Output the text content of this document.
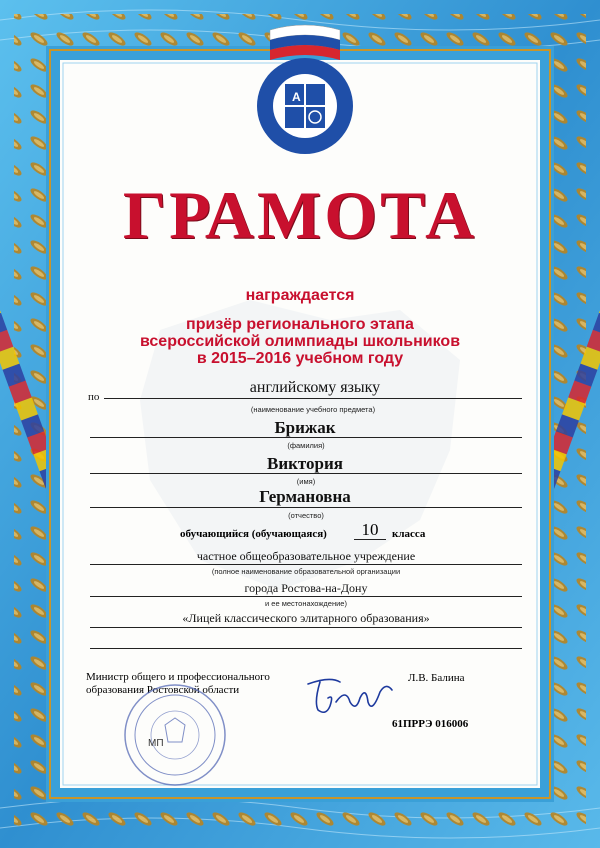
A
ГРАМОТА
награждается
призёр регионального этапа
всероссийской олимпиады школьников
в 2015–2016 учебном году
по
английскому языку
(наименование учебного предмета)
Брижак
(фамилия)
Виктория
(имя)
Германовна
(отчество)
обучающийся (обучающаяся)	10	класса
частное общеобразовательное учреждение
(полное наименование образовательной организации
города Ростова-на-Дону
и ее местонахождение)
«Лицей классического элитарного образования»
Министр общего и профессионального
образования Ростовской области
Л.В. Балина
МП
61ПРРЭ 016006
